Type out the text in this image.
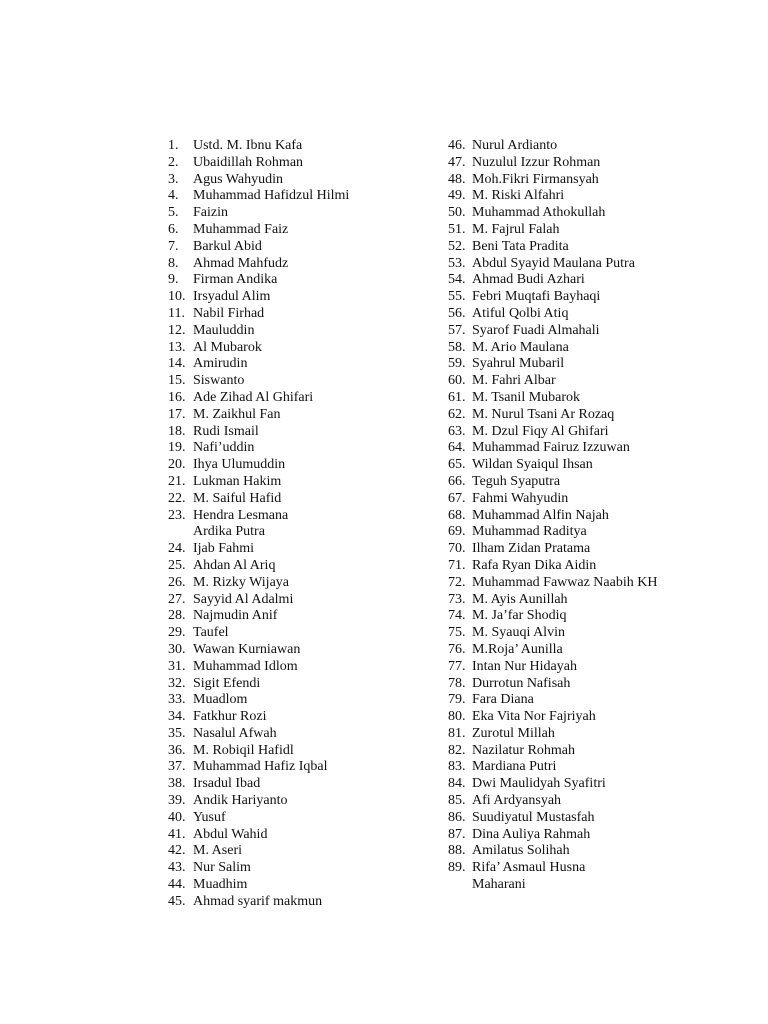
1.	Ustd. M. Ibnu Kafa
2.	Ubaidillah Rohman
3.	Agus Wahyudin
4.	Muhammad Hafidzul Hilmi
5.	Faizin
6.	Muhammad Faiz
7.	Barkul Abid
8.	Ahmad Mahfudz
9.	Firman Andika
10. Irsyadul Alim
11. Nabil Firhad
12. Mauluddin
13. Al Mubarok
14. Amirudin
15. Siswanto
16. Ade Zihad Al Ghifari
17. M. Zaikhul Fan
18. Rudi Ismail
19. Nafi’uddin
20. Ihya Ulumuddin
21. Lukman Hakim
22. M. Saiful Hafid
23. Hendra Lesmana
Ardika Putra
24. Ijab Fahmi
25. Ahdan Al Ariq
26. M. Rizky Wijaya
27. Sayyid Al Adalmi
28. Najmudin Anif
29. Taufel
30. Wawan Kurniawan
31. Muhammad Idlom
32. Sigit Efendi
33. Muadlom
34. Fatkhur Rozi
35. Nasalul Afwah
36. M. Robiqil Hafidl
37. Muhammad Hafiz Iqbal
38. Irsadul Ibad
39. Andik Hariyanto
40. Yusuf
41. Abdul Wahid
42. M. Aseri
43. Nur Salim
44. Muadhim
45. Ahmad syarif makmun
46. Nurul Ardianto
47. Nuzulul Izzur Rohman
48. Moh.Fikri Firmansyah
49. M. Riski Alfahri
50. Muhammad Athokullah
51. M. Fajrul Falah
52. Beni Tata Pradita
53. Abdul Syayid Maulana Putra
54. Ahmad Budi Azhari
55. Febri Muqtafi Bayhaqi
56. Atiful Qolbi Atiq
57. Syarof Fuadi Almahali
58. M. Ario Maulana
59. Syahrul Mubaril
60. M. Fahri Albar
61. M. Tsanil Mubarok
62. M. Nurul Tsani Ar Rozaq
63. M. Dzul Fiqy Al Ghifari
64. Muhammad Fairuz Izzuwan
65. Wildan Syaiqul Ihsan
66. Teguh Syaputra
67. Fahmi Wahyudin
68. Muhammad Alfin Najah
69. Muhammad Raditya
70. Ilham Zidan Pratama
71. Rafa Ryan Dika Aidin
72. Muhammad Fawwaz Naabih KH
73. M. Ayis Aunillah
74. M. Ja’far Shodiq
75. M. Syauqi Alvin
76. M.Roja’ Aunilla
77. Intan Nur Hidayah
78. Durrotun Nafisah
79. Fara Diana
80. Eka Vita Nor Fajriyah
81. Zurotul Millah
82. Nazilatur Rohmah
83. Mardiana Putri
84. Dwi Maulidyah Syafitri
85. Afi Ardyansyah
86. Suudiyatul Mustasfah
87. Dina Auliya Rahmah
88. Amilatus Solihah
89. Rifa’ Asmaul Husna
Maharani
